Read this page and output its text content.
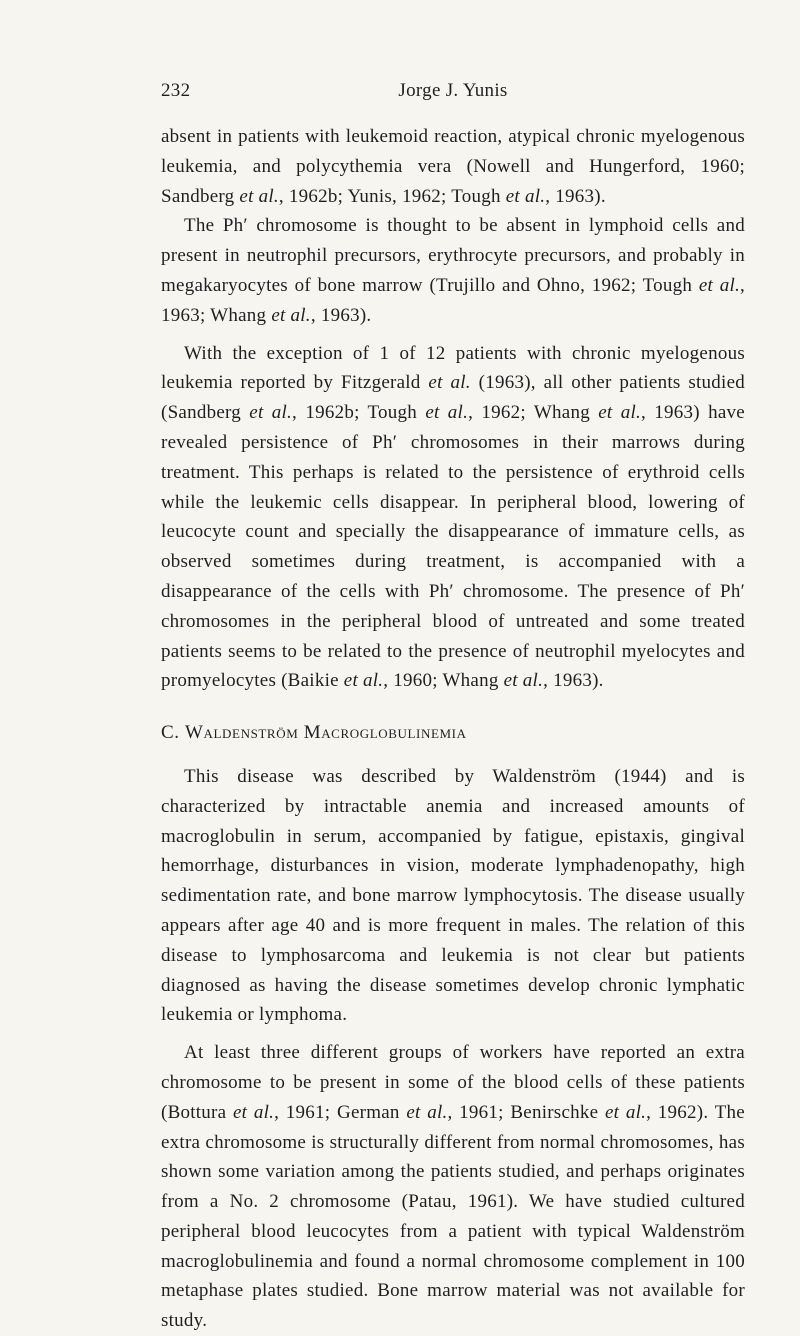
232	Jorge J. Yunis

absent in patients with leukemoid reaction, atypical chronic myelogenous leukemia, and polycythemia vera (Nowell and Hungerford, 1960; Sandberg et al., 1962b; Yunis, 1962; Tough et al., 1963).

The Ph′ chromosome is thought to be absent in lymphoid cells and present in neutrophil precursors, erythrocyte precursors, and probably in megakaryocytes of bone marrow (Trujillo and Ohno, 1962; Tough et al., 1963; Whang et al., 1963).

With the exception of 1 of 12 patients with chronic myelogenous leukemia reported by Fitzgerald et al. (1963), all other patients studied (Sandberg et al., 1962b; Tough et al., 1962; Whang et al., 1963) have revealed persistence of Ph′ chromosomes in their marrows during treatment. This perhaps is related to the persistence of erythroid cells while the leukemic cells disappear. In peripheral blood, lowering of leucocyte count and specially the disappearance of immature cells, as observed sometimes during treatment, is accompanied with a disappearance of the cells with Ph′ chromosome. The presence of Ph′ chromosomes in the peripheral blood of untreated and some treated patients seems to be related to the presence of neutrophil myelocytes and promyelocytes (Baikie et al., 1960; Whang et al., 1963).

C. Waldenström Macroglobulinemia

This disease was described by Waldenström (1944) and is characterized by intractable anemia and increased amounts of macroglobulin in serum, accompanied by fatigue, epistaxis, gingival hemorrhage, disturbances in vision, moderate lymphadenopathy, high sedimentation rate, and bone marrow lymphocytosis. The disease usually appears after age 40 and is more frequent in males. The relation of this disease to lymphosarcoma and leukemia is not clear but patients diagnosed as having the disease sometimes develop chronic lymphatic leukemia or lymphoma.

At least three different groups of workers have reported an extra chromosome to be present in some of the blood cells of these patients (Bottura et al., 1961; German et al., 1961; Benirschke et al., 1962). The extra chromosome is structurally different from normal chromosomes, has shown some variation among the patients studied, and perhaps originates from a No. 2 chromosome (Patau, 1961). We have studied cultured peripheral blood leucocytes from a patient with typical Waldenström macroglobulinemia and found a normal chromosome complement in 100 metaphase plates studied. Bone marrow material was not available for study.
